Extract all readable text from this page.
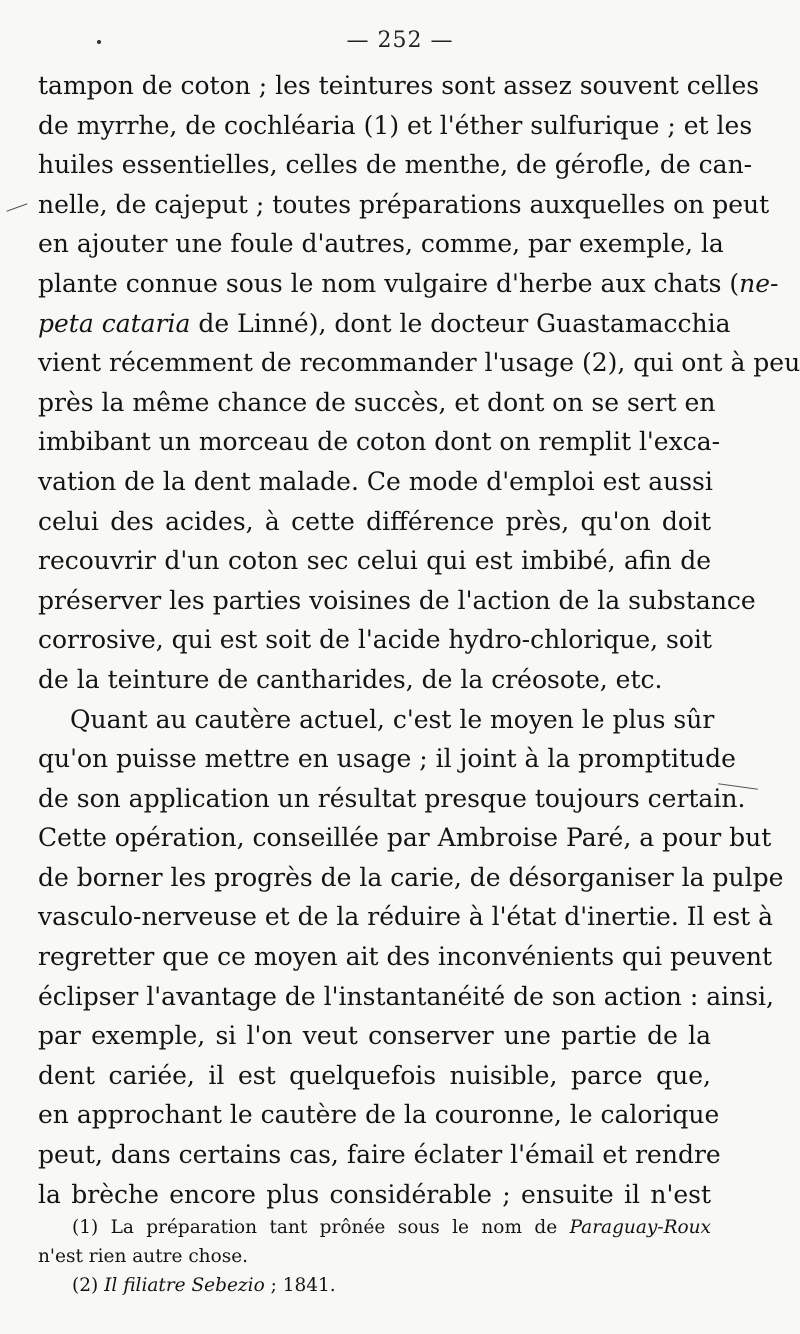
— 252 —
tampon de coton ; les teintures sont assez souvent celles
de myrrhe, de cochléaria (1) et l'éther sulfurique ; et les
huiles essentielles, celles de menthe, de gérofle, de can-
nelle, de cajeput ; toutes préparations auxquelles on peut
en ajouter une foule d'autres, comme, par exemple, la
plante connue sous le nom vulgaire d'herbe aux chats (ne-
peta cataria de Linné), dont le docteur Guastamacchia
vient récemment de recommander l'usage (2), qui ont à peu
près la même chance de succès, et dont on se sert en
imbibant un morceau de coton dont on remplit l'exca-
vation de la dent malade. Ce mode d'emploi est aussi
celui des acides, à cette différence près, qu'on doit
recouvrir d'un coton sec celui qui est imbibé, afin de
préserver les parties voisines de l'action de la substance
corrosive, qui est soit de l'acide hydro-chlorique, soit
de la teinture de cantharides, de la créosote, etc.
Quant au cautère actuel, c'est le moyen le plus sûr
qu'on puisse mettre en usage ; il joint à la promptitude
de son application un résultat presque toujours certain.
Cette opération, conseillée par Ambroise Paré, a pour but
de borner les progrès de la carie, de désorganiser la pulpe
vasculo-nerveuse et de la réduire à l'état d'inertie. Il est à
regretter que ce moyen ait des inconvénients qui peuvent
éclipser l'avantage de l'instantanéité de son action : ainsi,
par exemple, si l'on veut conserver une partie de la
dent cariée, il est quelquefois nuisible, parce que,
en approchant le cautère de la couronne, le calorique
peut, dans certains cas, faire éclater l'émail et rendre
la brèche encore plus considérable ; ensuite il n'est
(1) La préparation tant prônée sous le nom de Paraguay-Roux
n'est rien autre chose.
(2) Il filiatre Sebezio ; 1841.
